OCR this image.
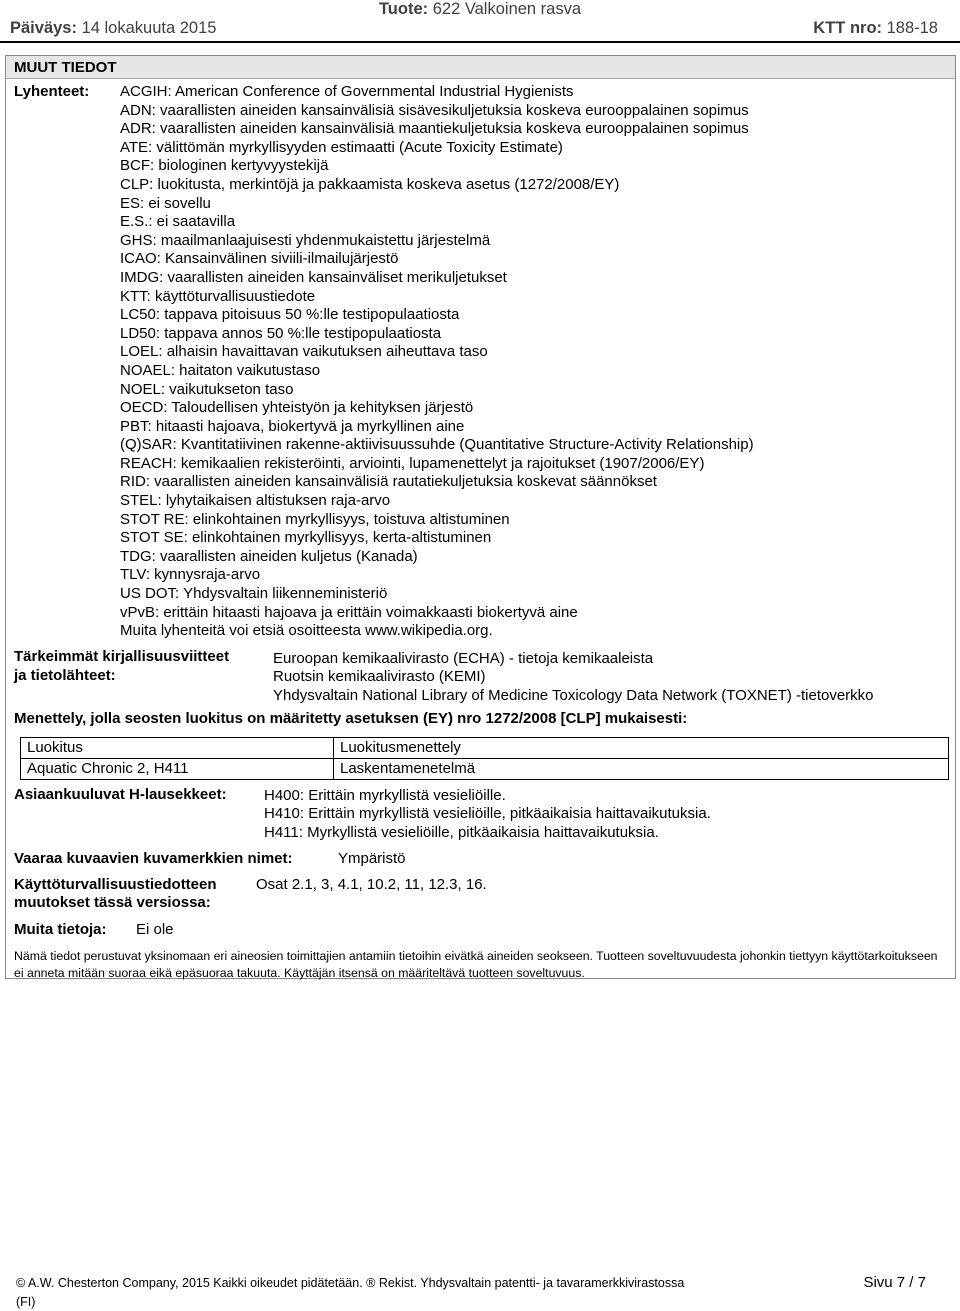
Tuote: 622 Valkoinen rasva
Päiväys: 14 lokakuuta 2015	KTT nro: 188-18
MUUT TIEDOT
Lyhenteet: ACGIH: American Conference of Governmental Industrial Hygienists
ADN: vaarallisten aineiden kansainvälisiä sisävesikuljetuksia koskeva eurooppalainen sopimus
ADR: vaarallisten aineiden kansainvälisiä maantiekuljetuksia koskeva eurooppalainen sopimus
ATE: välittömän myrkyllisyyden estimaatti (Acute Toxicity Estimate)
BCF: biologinen kertyvyystekijä
CLP: luokitusta, merkintöjä ja pakkaamista koskeva asetus (1272/2008/EY)
ES: ei sovellu
E.S.: ei saatavilla
GHS: maailmanlaajuisesti yhdenmukaistettu järjestelmä
ICAO: Kansainvälinen siviili-ilmailujärjestö
IMDG: vaarallisten aineiden kansainväliset merikuljetukset
KTT: käyttöturvallisuustiedote
LC50: tappava pitoisuus 50 %:lle testipopulaatiosta
LD50: tappava annos 50 %:lle testipopulaatiosta
LOEL: alhaisin havaittavan vaikutuksen aiheuttava taso
NOAEL: haitaton vaikutustaso
NOEL: vaikutukseton taso
OECD: Taloudellisen yhteistyön ja kehityksen järjestö
PBT: hitaasti hajoava, biokertyvä ja myrkyllinen aine
(Q)SAR: Kvantitatiivinen rakenne-aktiivisuussuhde (Quantitative Structure-Activity Relationship)
REACH: kemikaalien rekisteröinti, arviointi, lupamenettelyt ja rajoitukset (1907/2006/EY)
RID: vaarallisten aineiden kansainvälisiä rautatiekuljetuksia koskevat säännökset
STEL: lyhytaikaisen altistuksen raja-arvo
STOT RE: elinkohtainen myrkyllisyys, toistuva altistuminen
STOT SE: elinkohtainen myrkyllisyys, kerta-altistuminen
TDG: vaarallisten aineiden kuljetus (Kanada)
TLV: kynnysraja-arvo
US DOT: Yhdysvaltain liikenneministeriö
vPvB: erittäin hitaasti hajoava ja erittäin voimakkaasti biokertyvä aine
Muita lyhenteitä voi etsiä osoitteesta www.wikipedia.org.
Tärkeimmät kirjallisuusviitteet
ja tietolähteet:
Euroopan kemikaalivirasto (ECHA) - tietoja kemikaaleista
Ruotsin kemikaalivirasto (KEMI)
Yhdysvaltain National Library of Medicine Toxicology Data Network (TOXNET) -tietoverkko
Menettely, jolla seosten luokitus on määritetty asetuksen (EY) nro 1272/2008 [CLP] mukaisesti:
Luokitus	Luokitusmenettely
Aquatic Chronic 2, H411	Laskentamenetelmä
Asiaankuuluvat H-lausekkeet: H400: Erittäin myrkyllistä vesieliöille.
H410: Erittäin myrkyllistä vesieliöille, pitkäaikaisia haittavaikutuksia.
H411: Myrkyllistä vesieliöille, pitkäaikaisia haittavaikutuksia.
Vaaraa kuvaavien kuvamerkkien nimet:	Ympäristö
Käyttöturvallisuustiedotteen
muutokset tässä versiossa:
Osat 2.1, 3, 4.1, 10.2, 11, 12.3, 16.
Muita tietoja: Ei ole
Nämä tiedot perustuvat yksinomaan eri aineosien toimittajien antamiin tietoihin eivätkä aineiden seokseen. Tuotteen soveltuvuudesta johonkin tiettyyn käyttötarkoitukseen ei anneta mitään suoraa eikä epäsuoraa takuuta. Käyttäjän itsensä on määriteltävä tuotteen soveltuvuus.
© A.W. Chesterton Company, 2015 Kaikki oikeudet pidätetään. ® Rekist. Yhdysvaltain patentti- ja tavaramerkkivirastossa
(FI)
Sivu 7 / 7
